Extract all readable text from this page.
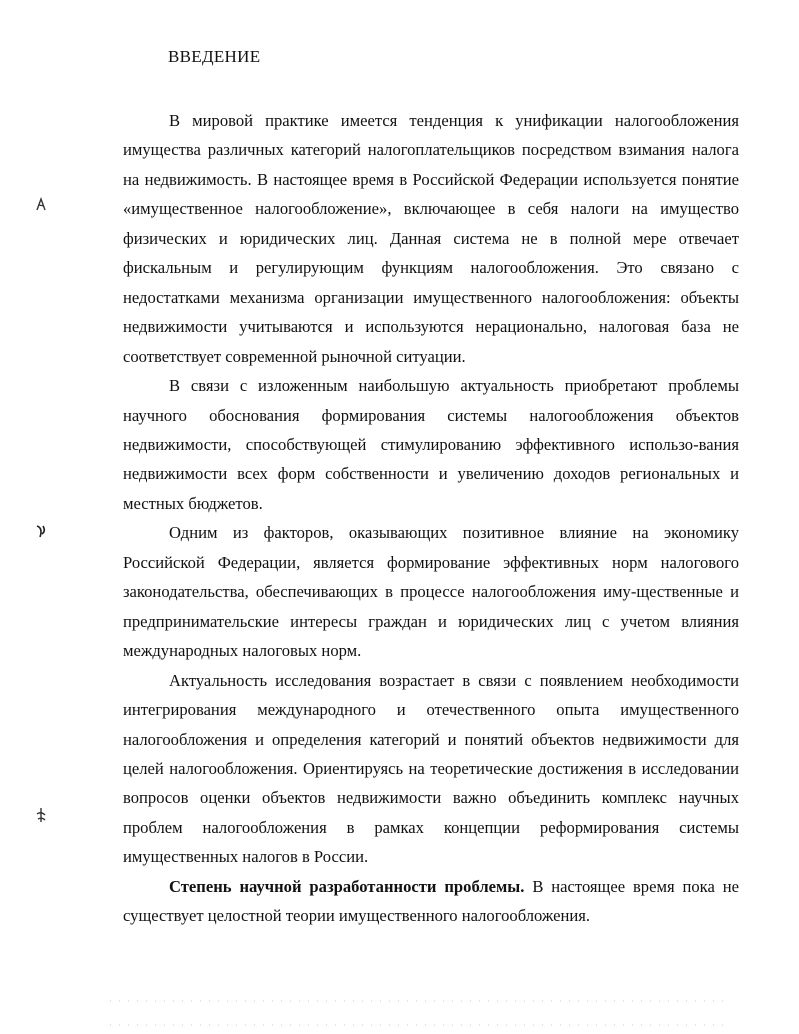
ВВЕДЕНИЕ

В мировой практике имеется тенденция к унификации налогообложения имущества различных категорий налогоплательщиков посредством взимания налога на недвижимость. В настоящее время в Российской Федерации используется понятие «имущественное налогообложение», включающее в себя налоги на имущество физических и юридических лиц. Данная система не в полной мере отвечает фискальным и регулирующим функциям налогообложения. Это связано с недостатками механизма организации имущественного налогообложения: объекты недвижимости учитываются и используются нерационально, налоговая база не соответствует современной рыночной ситуации.

В связи с изложенным наибольшую актуальность приобретают проблемы научного обоснования формирования системы налогообложения объектов недвижимости, способствующей стимулированию эффективного использо-вания недвижимости всех форм собственности и увеличению доходов региональных и местных бюджетов.

Одним из факторов, оказывающих позитивное влияние на экономику Российской Федерации, является формирование эффективных норм налогового законодательства, обеспечивающих в процессе налогообложения иму-щественные и предпринимательские интересы граждан и юридических лиц с учетом влияния международных налоговых норм.

Актуальность исследования возрастает в связи с появлением необходимости интегрирования международного и отечественного опыта имущественного налогообложения и определения категорий и понятий объектов недвижимости для целей налогообложения. Ориентируясь на теоретические достижения в исследовании вопросов оценки объектов недвижимости важно объединить комплекс научных проблем налогообложения в рамках концепции реформирования системы имущественных налогов в России.

Степень научной разработанности проблемы. В настоящее время пока не существует целостной теории имущественного налогообложения.
